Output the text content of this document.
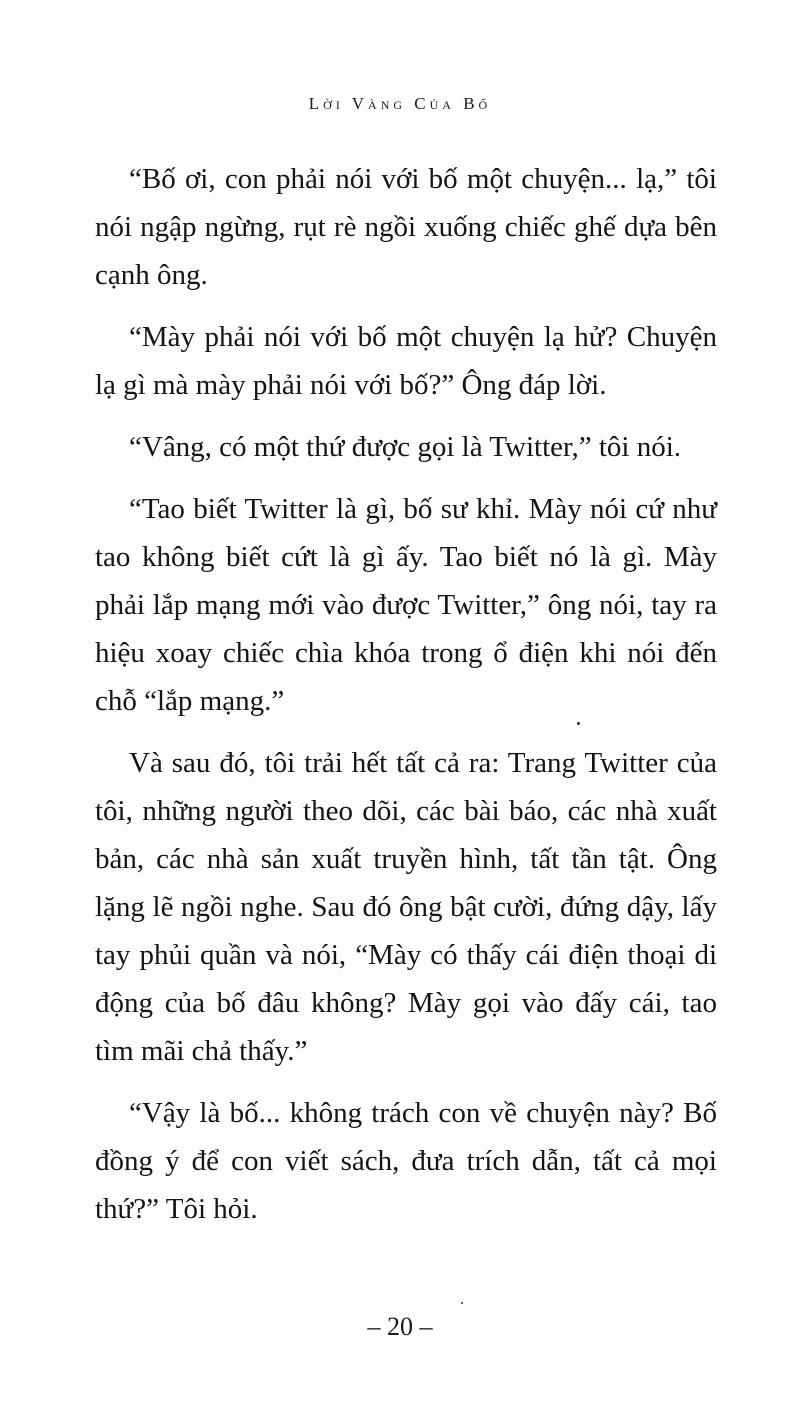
Lời Vàng Của Bố

“Bố ơi, con phải nói với bố một chuyện... lạ,” tôi nói ngập ngừng, rụt rè ngồi xuống chiếc ghế dựa bên cạnh ông.

“Mày phải nói với bố một chuyện lạ hử? Chuyện lạ gì mà mày phải nói với bố?” Ông đáp lời.

“Vâng, có một thứ được gọi là Twitter,” tôi nói.

“Tao biết Twitter là gì, bố sư khỉ. Mày nói cứ như tao không biết cứt là gì ấy. Tao biết nó là gì. Mày phải lắp mạng mới vào được Twitter,” ông nói, tay ra hiệu xoay chiếc chìa khóa trong ổ điện khi nói đến chỗ “lắp mạng.”

Và sau đó, tôi trải hết tất cả ra: Trang Twitter của tôi, những người theo dõi, các bài báo, các nhà xuất bản, các nhà sản xuất truyền hình, tất tần tật. Ông lặng lẽ ngồi nghe. Sau đó ông bật cười, đứng dậy, lấy tay phủi quần và nói, “Mày có thấy cái điện thoại di động của bố đâu không? Mày gọi vào đấy cái, tao tìm mãi chả thấy.”

“Vậy là bố... không trách con về chuyện này? Bố đồng ý để con viết sách, đưa trích dẫn, tất cả mọi thứ?” Tôi hỏi.

– 20 –
